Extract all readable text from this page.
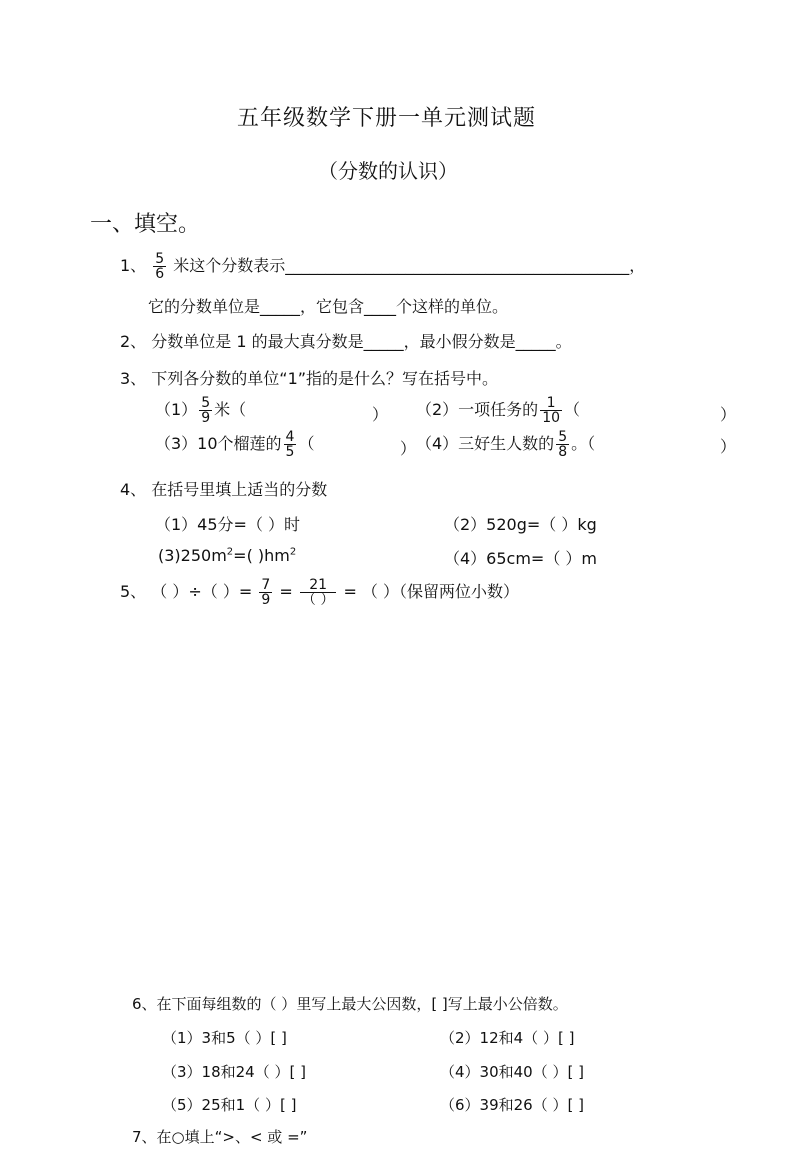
五年级数学下册一单元测试题
（分数的认识）
一、填空。
1、 $\frac{5}{6}$ 米这个分数表示___________________________________________，
它的分数单位是_____，它包含____个这样的单位。
2、 分数单位是 1 的最大真分数是_____，最小假分数是_____。
3、 下列各分数的单位“1”指的是什么？写在括号中。
$(1) \frac{5}{9}$ 米（	） （2）一项任务的 $\frac{1}{10}$ （	）
（3）10个榴莲的 $\frac{4}{5}$ （	） （4）三好生人数的 $\frac{5}{8}$ 。（	）
4、 在括号里填上适当的分数
（1）45分=（ ）时	（2）520g=（ ）kg
$(3)250m^2=$( )$hm^2$	（4）65cm=（ ）m
5、 （ ）÷（ ）= $\frac{7}{9} = \frac{21}{( )}$ = （ ）（保留两位小数）
6、在下面每组数的（ ）里写上最大公因数，[ ]写上最小公倍数。
（1）3和5（ ）[ ]	（2）12和4（ ）[ ]
（3）18和24（ ）[ ]	（4）30和40（ ）[ ]
（5）25和1（ ）[ ]	（6）39和26（ ）[ ]
7、在○填上“>、< 或 =”
